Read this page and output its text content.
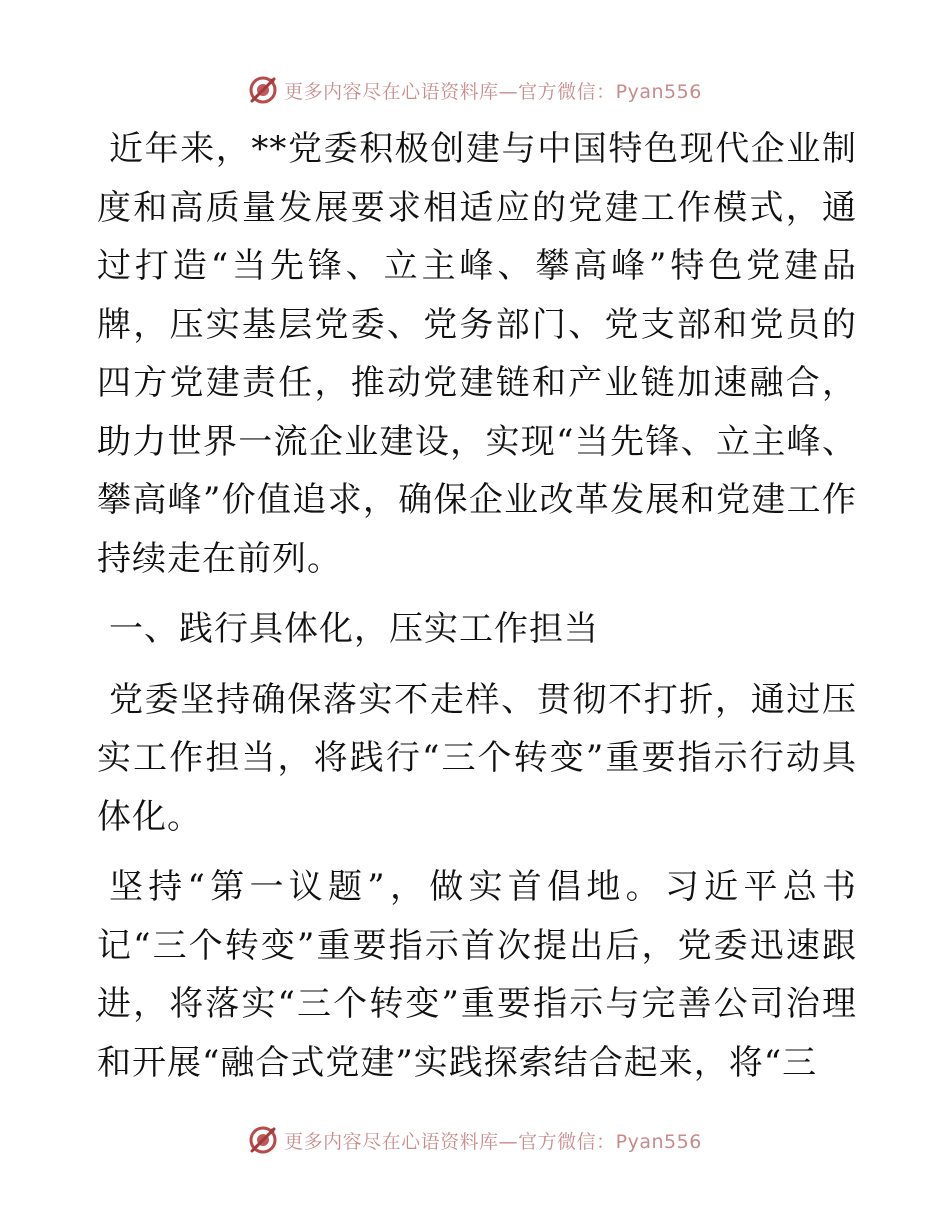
更多内容尽在心语资料库—官方微信：Pyan556

近年来，**党委积极创建与中国特色现代企业制度和高质量发展要求相适应的党建工作模式，通过打造“当先锋、立主峰、攀高峰”特色党建品牌，压实基层党委、党务部门、党支部和党员的四方党建责任，推动党建链和产业链加速融合，助力世界一流企业建设，实现“当先锋、立主峰、攀高峰”价值追求，确保企业改革发展和党建工作持续走在前列。

一、践行具体化，压实工作担当

党委坚持确保落实不走样、贯彻不打折，通过压实工作担当，将践行“三个转变”重要指示行动具体化。

坚持“第一议题”，做实首倡地。习近平总书记“三个转变”重要指示首次提出后，党委迅速跟进，将落实“三个转变”重要指示与完善公司治理和开展“融合式党建”实践探索结合起来，将“三

更多内容尽在心语资料库—官方微信：Pyan556
